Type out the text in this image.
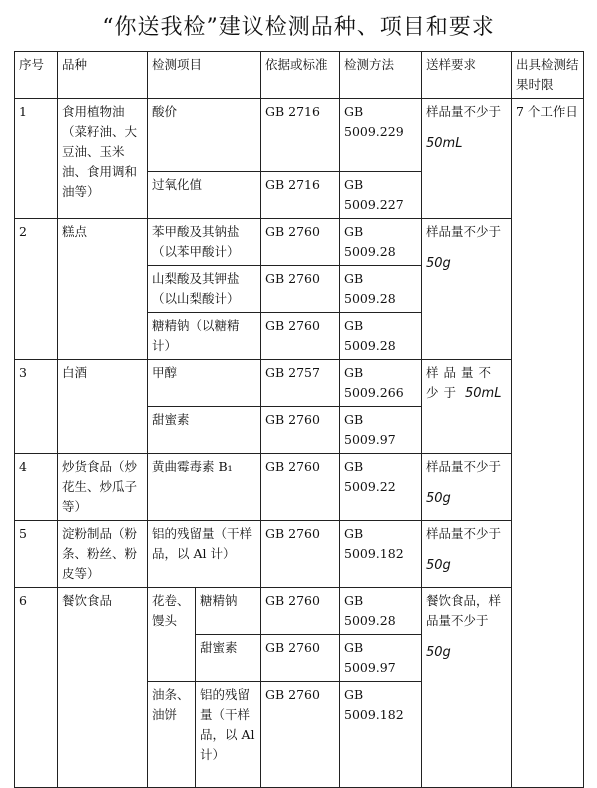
“你送我检”建议检测品种、项目和要求
序号	品种	检测项目		依据或标准	检测方法	送样要求	出具检测结果时限
1	食用植物油（菜籽油、大豆油、玉米油、食用调和油等）	酸价		GB 2716	GB 5009.229	样品量不少于
50mL	7 个工作日
		过氧化值		GB 2716	GB 5009.227		
2	糕点	苯甲酸及其钠盐（以苯甲酸计）		GB 2760	GB 5009.28	样品量不少于
50g	

		山梨酸及其钾盐（以山梨酸计）		GB 2760	GB 5009.28		
		糖精钠（以糖精计）		GB 2760	GB 5009.28		
3	白酒	甲醇		GB 2757	GB 5009.266	样品量不少于 50mL	
		甜蜜素		GB 2760	GB 5009.97		
4	炒货食品（炒花生、炒瓜子等）	黄曲霉毒素 B₁		GB 2760	GB 5009.22	样品量不少于
50g	

5	淀粉制品（粉条、粉丝、粉皮等）	铝的残留量（干样品，以 Al 计）		GB 2760	GB 5009.182	样品量不少于
50g	

6	餐饮食品	花卷、馒头	糖精钠	GB 2760	GB 5009.28	餐饮食品，样品量不少于
50g	

			甜蜜素	GB 2760	GB 5009.97		
		油条、油饼	铝的残留量（干样品，以 Al 计）	GB 2760	GB 5009.182		
